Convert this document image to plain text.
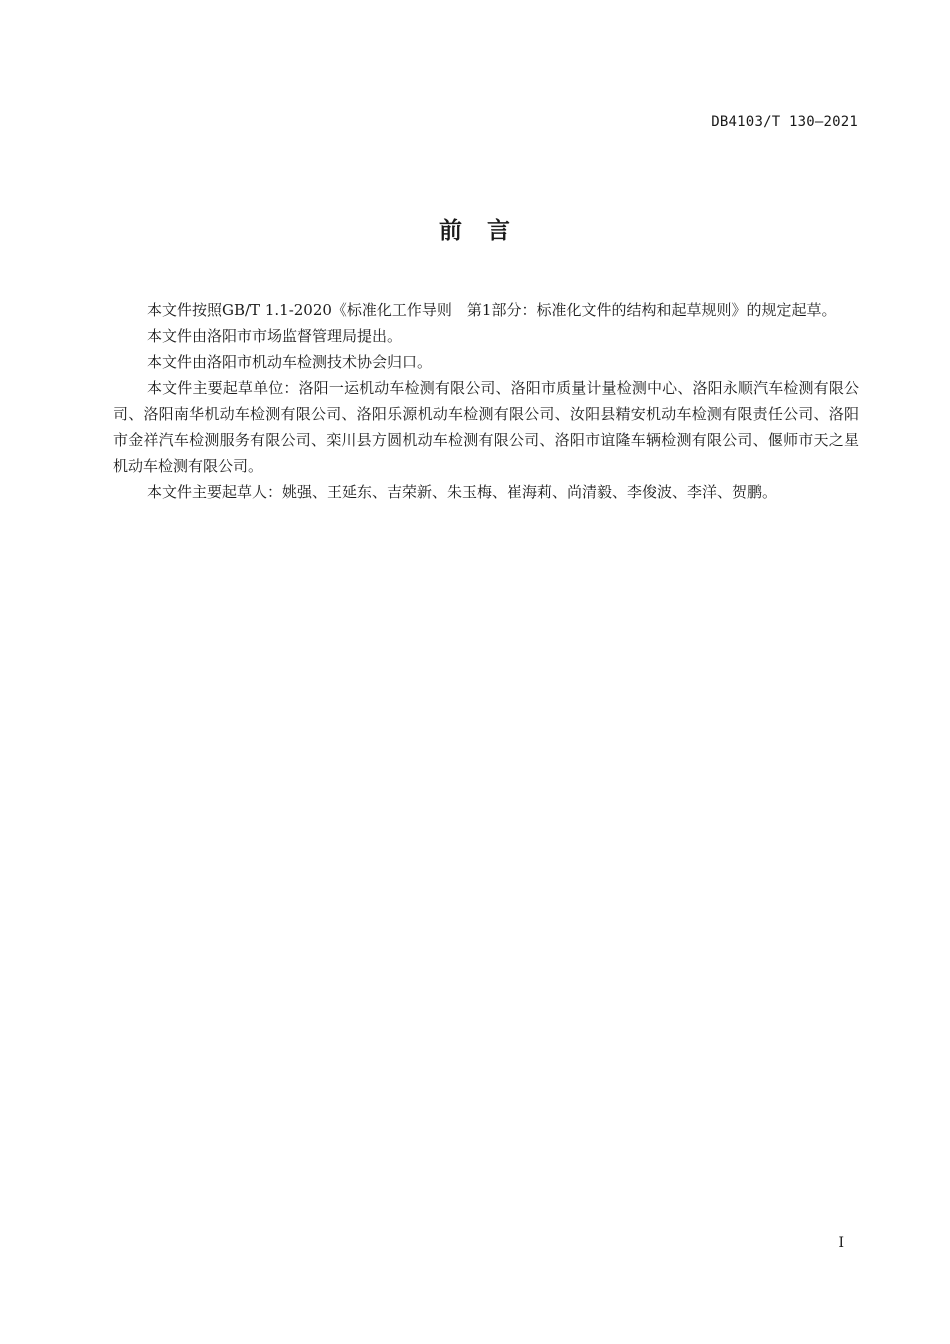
DB4103/T 130—2021
前 言

本文件按照GB/T 1.1-2020《标准化工作导则　第1部分：标准化文件的结构和起草规则》的规定起草。

本文件由洛阳市市场监督管理局提出。

本文件由洛阳市机动车检测技术协会归口。

本文件主要起草单位：洛阳一运机动车检测有限公司、洛阳市质量计量检测中心、洛阳永顺汽车检测有限公司、洛阳南华机动车检测有限公司、洛阳乐源机动车检测有限公司、汝阳县精安机动车检测有限责任公司、洛阳市金祥汽车检测服务有限公司、栾川县方圆机动车检测有限公司、洛阳市谊隆车辆检测有限公司、偃师市天之星机动车检测有限公司。

本文件主要起草人：姚强、王延东、吉荣新、朱玉梅、崔海莉、尚清毅、李俊波、李洋、贺鹏。

I
